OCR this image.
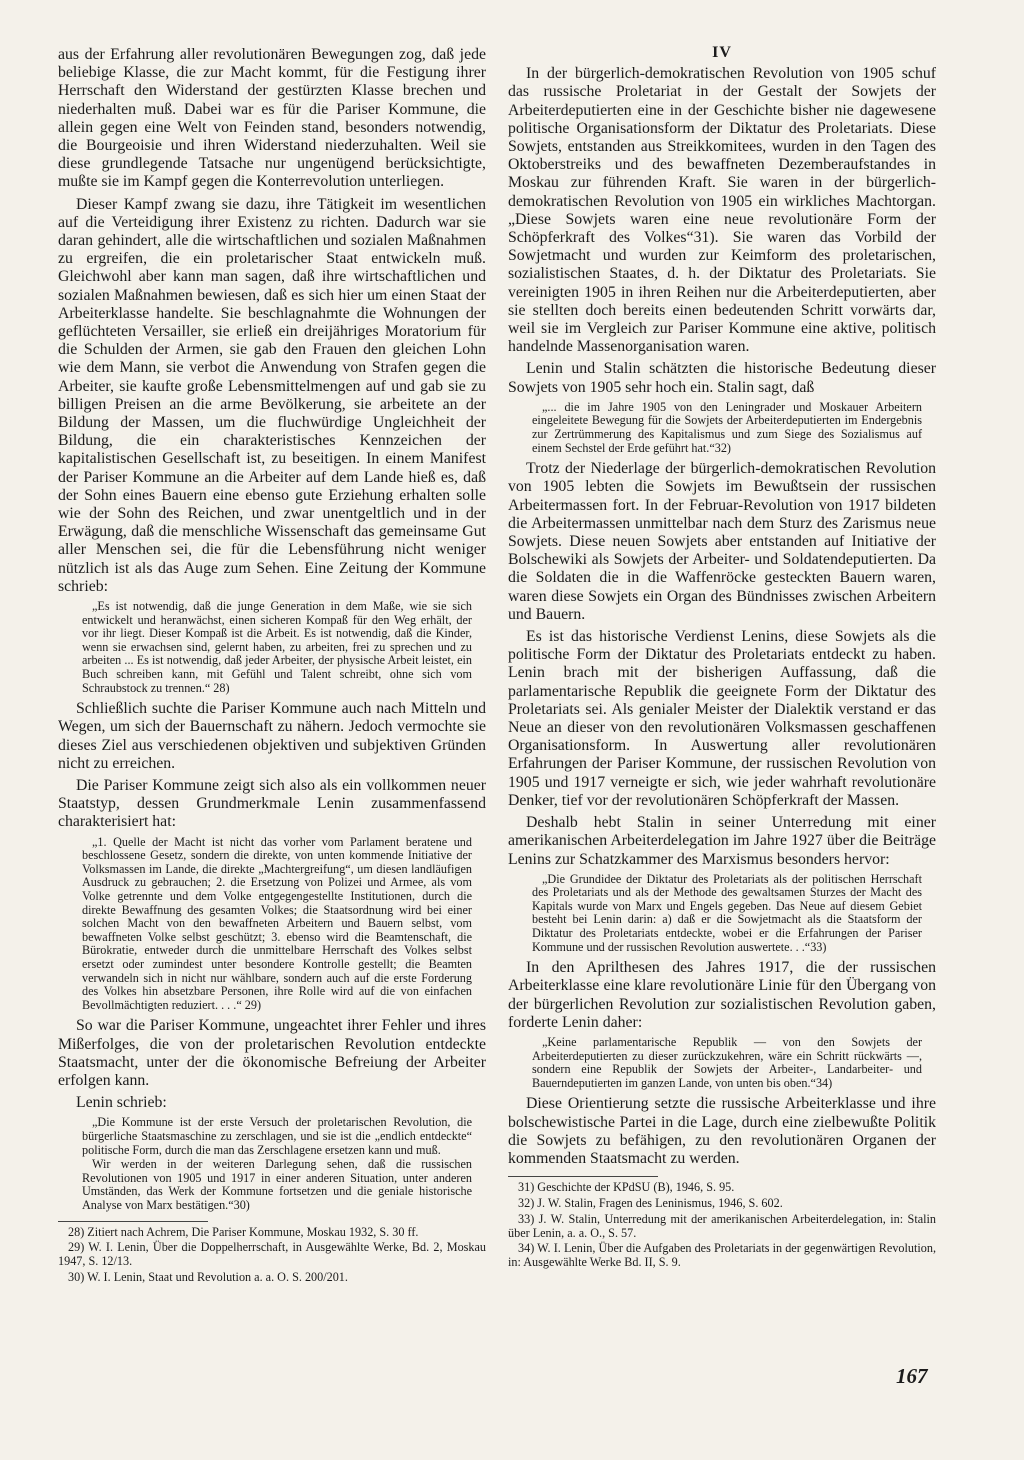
aus der Erfahrung aller revolutionären Bewegungen zog, daß jede beliebige Klasse, die zur Macht kommt, für die Festigung ihrer Herrschaft den Widerstand der gestürzten Klasse brechen und niederhalten muß. Dabei war es für die Pariser Kommune, die allein gegen eine Welt von Feinden stand, besonders notwendig, die Bourgeoisie und ihren Widerstand niederzuhalten. Weil sie diese grundlegende Tatsache nur ungenügend berücksichtigte, mußte sie im Kampf gegen die Konterrevolution unterliegen.

Dieser Kampf zwang sie dazu, ihre Tätigkeit im wesentlichen auf die Verteidigung ihrer Existenz zu richten. Dadurch war sie daran gehindert, alle die wirtschaftlichen und sozialen Maßnahmen zu ergreifen, die ein proletarischer Staat entwickeln muß. Gleichwohl aber kann man sagen, daß ihre wirtschaftlichen und sozialen Maßnahmen bewiesen, daß es sich hier um einen Staat der Arbeiterklasse handelte. Sie beschlagnahmte die Wohnungen der geflüchteten Versailler, sie erließ ein dreijähriges Moratorium für die Schulden der Armen, sie gab den Frauen den gleichen Lohn wie dem Mann, sie verbot die Anwendung von Strafen gegen die Arbeiter, sie kaufte große Lebensmittelmengen auf und gab sie zu billigen Preisen an die arme Bevölkerung, sie arbeitete an der Bildung der Massen, um die fluchwürdige Ungleichheit der Bildung, die ein charakteristisches Kennzeichen der kapitalistischen Gesellschaft ist, zu beseitigen. In einem Manifest der Pariser Kommune an die Arbeiter auf dem Lande hieß es, daß der Sohn eines Bauern eine ebenso gute Erziehung erhalten solle wie der Sohn des Reichen, und zwar unentgeltlich und in der Erwägung, daß die menschliche Wissenschaft das gemeinsame Gut aller Menschen sei, die für die Lebensführung nicht weniger nützlich ist als das Auge zum Sehen. Eine Zeitung der Kommune schrieb:

„Es ist notwendig, daß die junge Generation in dem Maße, wie sie sich entwickelt und heranwächst, einen sicheren Kompaß für den Weg erhält, der vor ihr liegt. Dieser Kompaß ist die Arbeit. Es ist notwendig, daß die Kinder, wenn sie erwachsen sind, gelernt haben, zu arbeiten, frei zu sprechen und zu arbeiten ... Es ist notwendig, daß jeder Arbeiter, der physische Arbeit leistet, ein Buch schreiben kann, mit Gefühl und Talent schreibt, ohne sich vom Schraubstock zu trennen.“ 28)

Schließlich suchte die Pariser Kommune auch nach Mitteln und Wegen, um sich der Bauernschaft zu nähern. Jedoch vermochte sie dieses Ziel aus verschiedenen objektiven und subjektiven Gründen nicht zu erreichen.

Die Pariser Kommune zeigt sich also als ein vollkommen neuer Staatstyp, dessen Grundmerkmale Lenin zusammenfassend charakterisiert hat:

„1. Quelle der Macht ist nicht das vorher vom Parlament beratene und beschlossene Gesetz, sondern die direkte, von unten kommende Initiative der Volksmassen im Lande, die direkte „Machtergreifung“, um diesen landläufigen Ausdruck zu gebrauchen; 2. die Ersetzung von Polizei und Armee, als vom Volke getrennte und dem Volke entgegengestellte Institutionen, durch die direkte Bewaffnung des gesamten Volkes; die Staatsordnung wird bei einer solchen Macht von den bewaffneten Arbeitern und Bauern selbst, vom bewaffneten Volke selbst geschützt; 3. ebenso wird die Beamtenschaft, die Bürokratie, entweder durch die unmittelbare Herrschaft des Volkes selbst ersetzt oder zumindest unter besondere Kontrolle gestellt; die Beamten verwandeln sich in nicht nur wählbare, sondern auch auf die erste Forderung des Volkes hin absetzbare Personen, ihre Rolle wird auf die von einfachen Bevollmächtigten reduziert. . . .“ 29)

So war die Pariser Kommune, ungeachtet ihrer Fehler und ihres Mißerfolges, die von der proletarischen Revolution entdeckte Staatsmacht, unter der die ökonomische Befreiung der Arbeiter erfolgen kann.

Lenin schrieb:

„Die Kommune ist der erste Versuch der proletarischen Revolution, die bürgerliche Staatsmaschine zu zerschlagen, und sie ist die „endlich entdeckte“ politische Form, durch die man das Zerschlagene ersetzen kann und muß.

Wir werden in der weiteren Darlegung sehen, daß die russischen Revolutionen von 1905 und 1917 in einer anderen Situation, unter anderen Umständen, das Werk der Kommune fortsetzen und die geniale historische Analyse von Marx bestätigen.“30)

28) Zitiert nach Achrem, Die Pariser Kommune, Moskau 1932, S. 30 ff.
29) W. I. Lenin, Über die Doppelherrschaft, in Ausgewählte Werke, Bd. 2, Moskau 1947, S. 12/13.
30) W. I. Lenin, Staat und Revolution a. a. O. S. 200/201.
IV

In der bürgerlich-demokratischen Revolution von 1905 schuf das russische Proletariat in der Gestalt der Sowjets der Arbeiterdeputierten eine in der Geschichte bisher nie dagewesene politische Organisationsform der Diktatur des Proletariats. Diese Sowjets, entstanden aus Streikkomitees, wurden in den Tagen des Oktoberstreiks und des bewaffneten Dezemberaufstandes in Moskau zur führenden Kraft. Sie waren in der bürgerlich-demokratischen Revolution von 1905 ein wirkliches Machtorgan. „Diese Sowjets waren eine neue revolutionäre Form der Schöpferkraft des Volkes“31). Sie waren das Vorbild der Sowjetmacht und wurden zur Keimform des proletarischen, sozialistischen Staates, d. h. der Diktatur des Proletariats. Sie vereinigten 1905 in ihren Reihen nur die Arbeiterdeputierten, aber sie stellten doch bereits einen bedeutenden Schritt vorwärts dar, weil sie im Vergleich zur Pariser Kommune eine aktive, politisch handelnde Massenorganisation waren.

Lenin und Stalin schätzten die historische Bedeutung dieser Sowjets von 1905 sehr hoch ein. Stalin sagt, daß

„... die im Jahre 1905 von den Leningrader und Moskauer Arbeitern eingeleitete Bewegung für die Sowjets der Arbeiterdeputierten im Endergebnis zur Zertrümmerung des Kapitalismus und zum Siege des Sozialismus auf einem Sechstel der Erde geführt hat.“32)

Trotz der Niederlage der bürgerlich-demokratischen Revolution von 1905 lebten die Sowjets im Bewußtsein der russischen Arbeitermassen fort. In der Februar-Revolution von 1917 bildeten die Arbeitermassen unmittelbar nach dem Sturz des Zarismus neue Sowjets. Diese neuen Sowjets aber entstanden auf Initiative der Bolschewiki als Sowjets der Arbeiter- und Soldatendeputierten. Da die Soldaten die in die Waffenröcke gesteckten Bauern waren, waren diese Sowjets ein Organ des Bündnisses zwischen Arbeitern und Bauern.

Es ist das historische Verdienst Lenins, diese Sowjets als die politische Form der Diktatur des Proletariats entdeckt zu haben. Lenin brach mit der bisherigen Auffassung, daß die parlamentarische Republik die geeignete Form der Diktatur des Proletariats sei. Als genialer Meister der Dialektik verstand er das Neue an dieser von den revolutionären Volksmassen geschaffenen Organisationsform. In Auswertung aller revolutionären Erfahrungen der Pariser Kommune, der russischen Revolution von 1905 und 1917 verneigte er sich, wie jeder wahrhaft revolutionäre Denker, tief vor der revolutionären Schöpferkraft der Massen.

Deshalb hebt Stalin in seiner Unterredung mit einer amerikanischen Arbeiterdelegation im Jahre 1927 über die Beiträge Lenins zur Schatzkammer des Marxismus besonders hervor:

„Die Grundidee der Diktatur des Proletariats als der politischen Herrschaft des Proletariats und als der Methode des gewaltsamen Sturzes der Macht des Kapitals wurde von Marx und Engels gegeben. Das Neue auf diesem Gebiet besteht bei Lenin darin: a) daß er die Sowjetmacht als die Staatsform der Diktatur des Proletariats entdeckte, wobei er die Erfahrungen der Pariser Kommune und der russischen Revolution auswertete. . .“33)

In den Aprilthesen des Jahres 1917, die der russischen Arbeiterklasse eine klare revolutionäre Linie für den Übergang von der bürgerlichen Revolution zur sozialistischen Revolution gaben, forderte Lenin daher:

„Keine parlamentarische Republik — von den Sowjets der Arbeiterdeputierten zu dieser zurückzukehren, wäre ein Schritt rückwärts —, sondern eine Republik der Sowjets der Arbeiter-, Landarbeiter- und Bauerndeputierten im ganzen Lande, von unten bis oben.“34)

Diese Orientierung setzte die russische Arbeiterklasse und ihre bolschewistische Partei in die Lage, durch eine zielbewußte Politik die Sowjets zu befähigen, zu den revolutionären Organen der kommenden Staatsmacht zu werden.

31) Geschichte der KPdSU (B), 1946, S. 95.
32) J. W. Stalin, Fragen des Leninismus, 1946, S. 602.
33) J. W. Stalin, Unterredung mit der amerikanischen Arbeiterdelegation, in: Stalin über Lenin, a. a. O., S. 57.
34) W. I. Lenin, Über die Aufgaben des Proletariats in der gegenwärtigen Revolution, in: Ausgewählte Werke Bd. II, S. 9.
167
